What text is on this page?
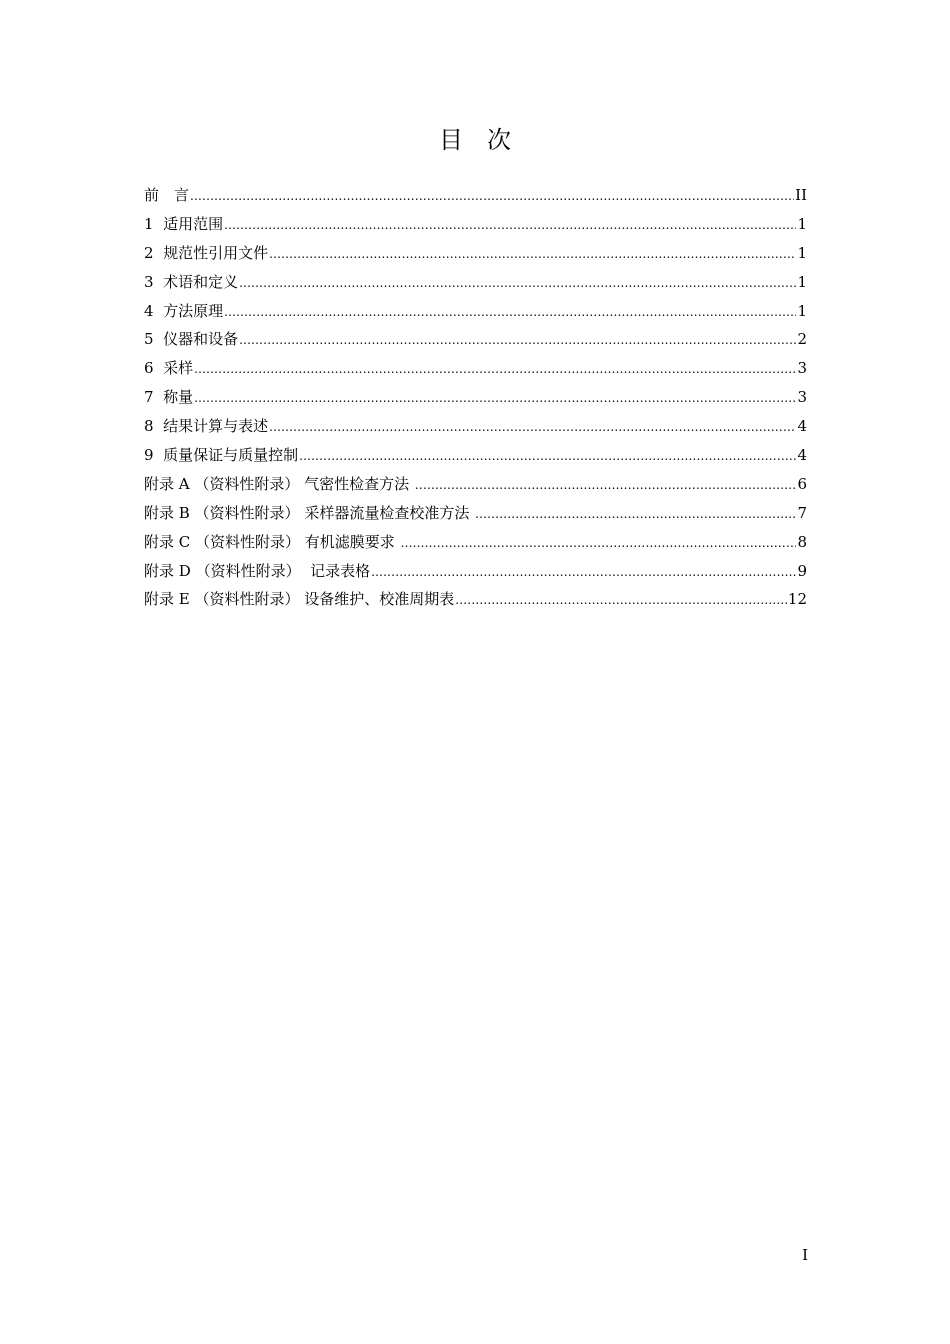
目　次
前　言 .....	II
1  适用范围 .....	1
2  规范性引用文件 .....	1
3  术语和定义 .....	1
4  方法原理 .....	1
5  仪器和设备 .....	2
6  采样 .....	3
7  称量 .....	3
8  结果计算与表述 .....	4
9  质量保证与质量控制 .....	4
附录 A （资料性附录） 气密性检查方法 .....	6
附录 B （资料性附录） 采样器流量检查校准方法 .....	7
附录 C （资料性附录） 有机滤膜要求 .....	8
附录 D （资料性附录）  记录表格 .....	9
附录 E （资料性附录） 设备维护、校准周期表 .....	12
I
